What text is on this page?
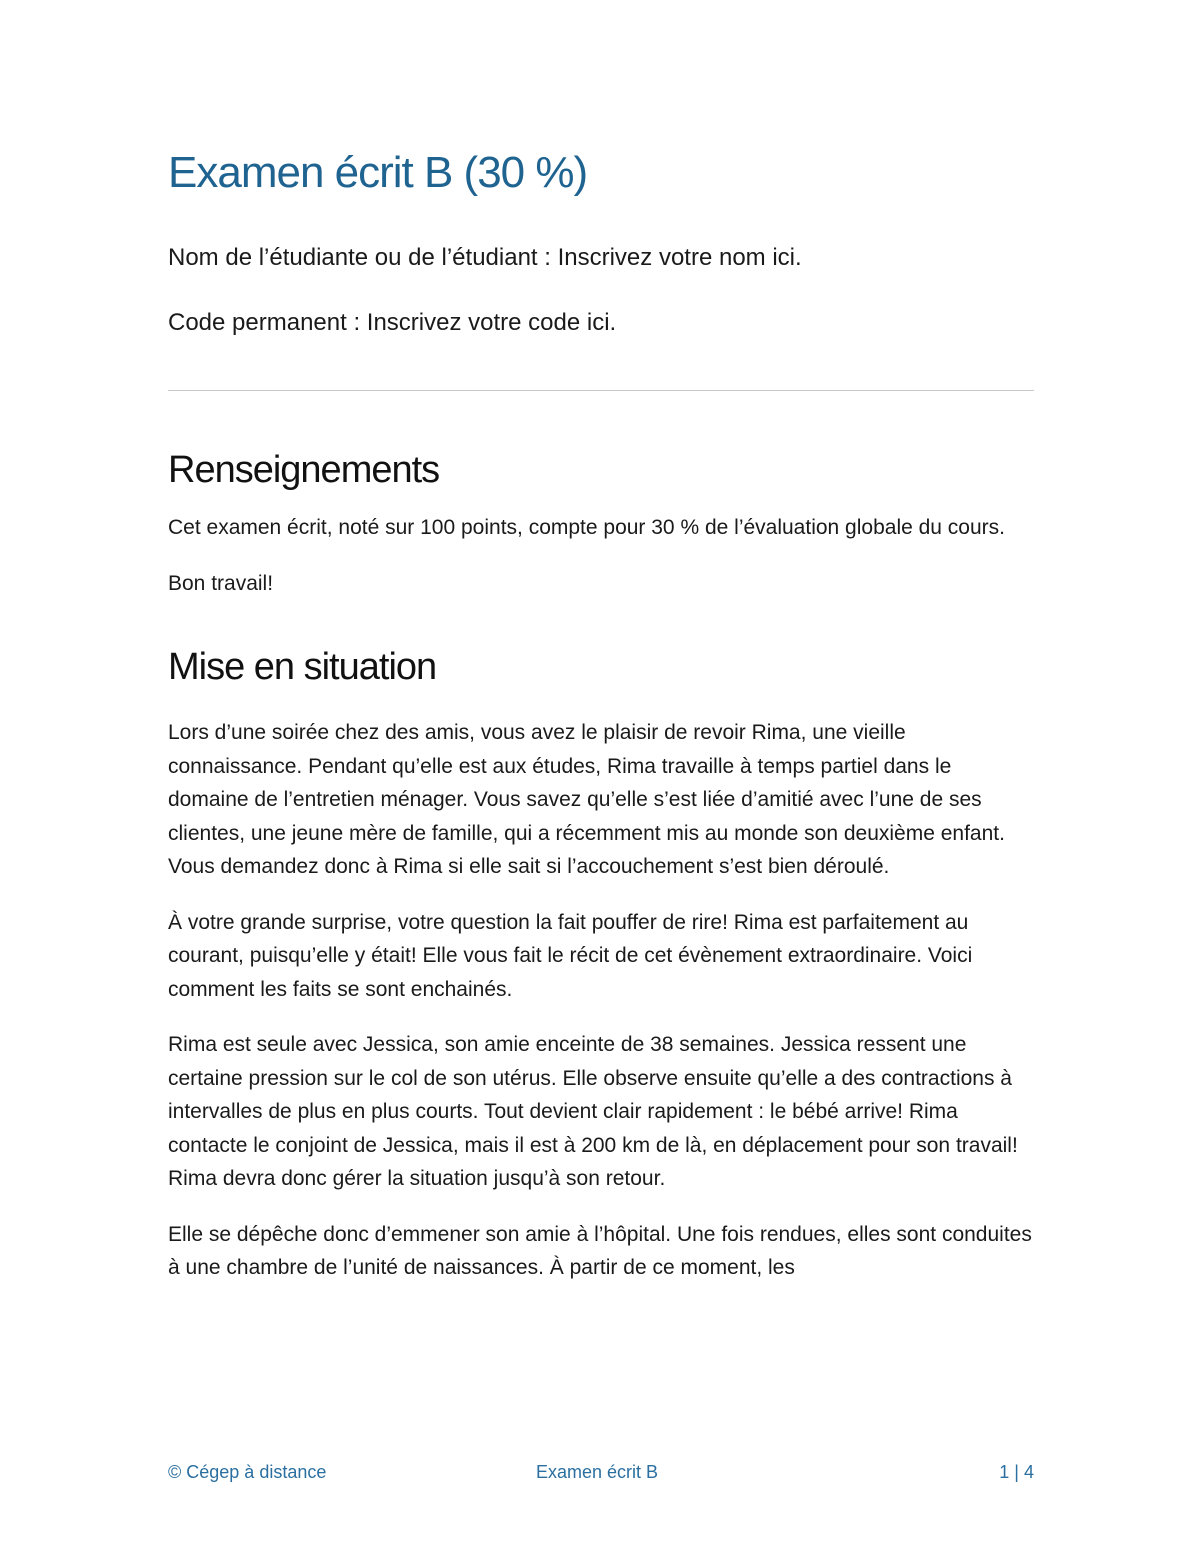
Examen écrit B (30 %)

Nom de l’étudiante ou de l’étudiant : Inscrivez votre nom ici.

Code permanent : Inscrivez votre code ici.

Renseignements

Cet examen écrit, noté sur 100 points, compte pour 30 % de l’évaluation globale du cours.

Bon travail!

Mise en situation

Lors d’une soirée chez des amis, vous avez le plaisir de revoir Rima, une vieille connaissance. Pendant qu’elle est aux études, Rima travaille à temps partiel dans le domaine de l’entretien ménager. Vous savez qu’elle s’est liée d’amitié avec l’une de ses clientes, une jeune mère de famille, qui a récemment mis au monde son deuxième enfant. Vous demandez donc à Rima si elle sait si l’accouchement s’est bien déroulé.

À votre grande surprise, votre question la fait pouffer de rire! Rima est parfaitement au courant, puisqu’elle y était! Elle vous fait le récit de cet évènement extraordinaire. Voici comment les faits se sont enchainés.

Rima est seule avec Jessica, son amie enceinte de 38 semaines. Jessica ressent une certaine pression sur le col de son utérus. Elle observe ensuite qu’elle a des contractions à intervalles de plus en plus courts. Tout devient clair rapidement : le bébé arrive! Rima contacte le conjoint de Jessica, mais il est à 200 km de là, en déplacement pour son travail! Rima devra donc gérer la situation jusqu’à son retour.

Elle se dépêche donc d’emmener son amie à l’hôpital. Une fois rendues, elles sont conduites à une chambre de l’unité de naissances. À partir de ce moment, les

© Cégep à distance	Examen écrit B	1 | 4
